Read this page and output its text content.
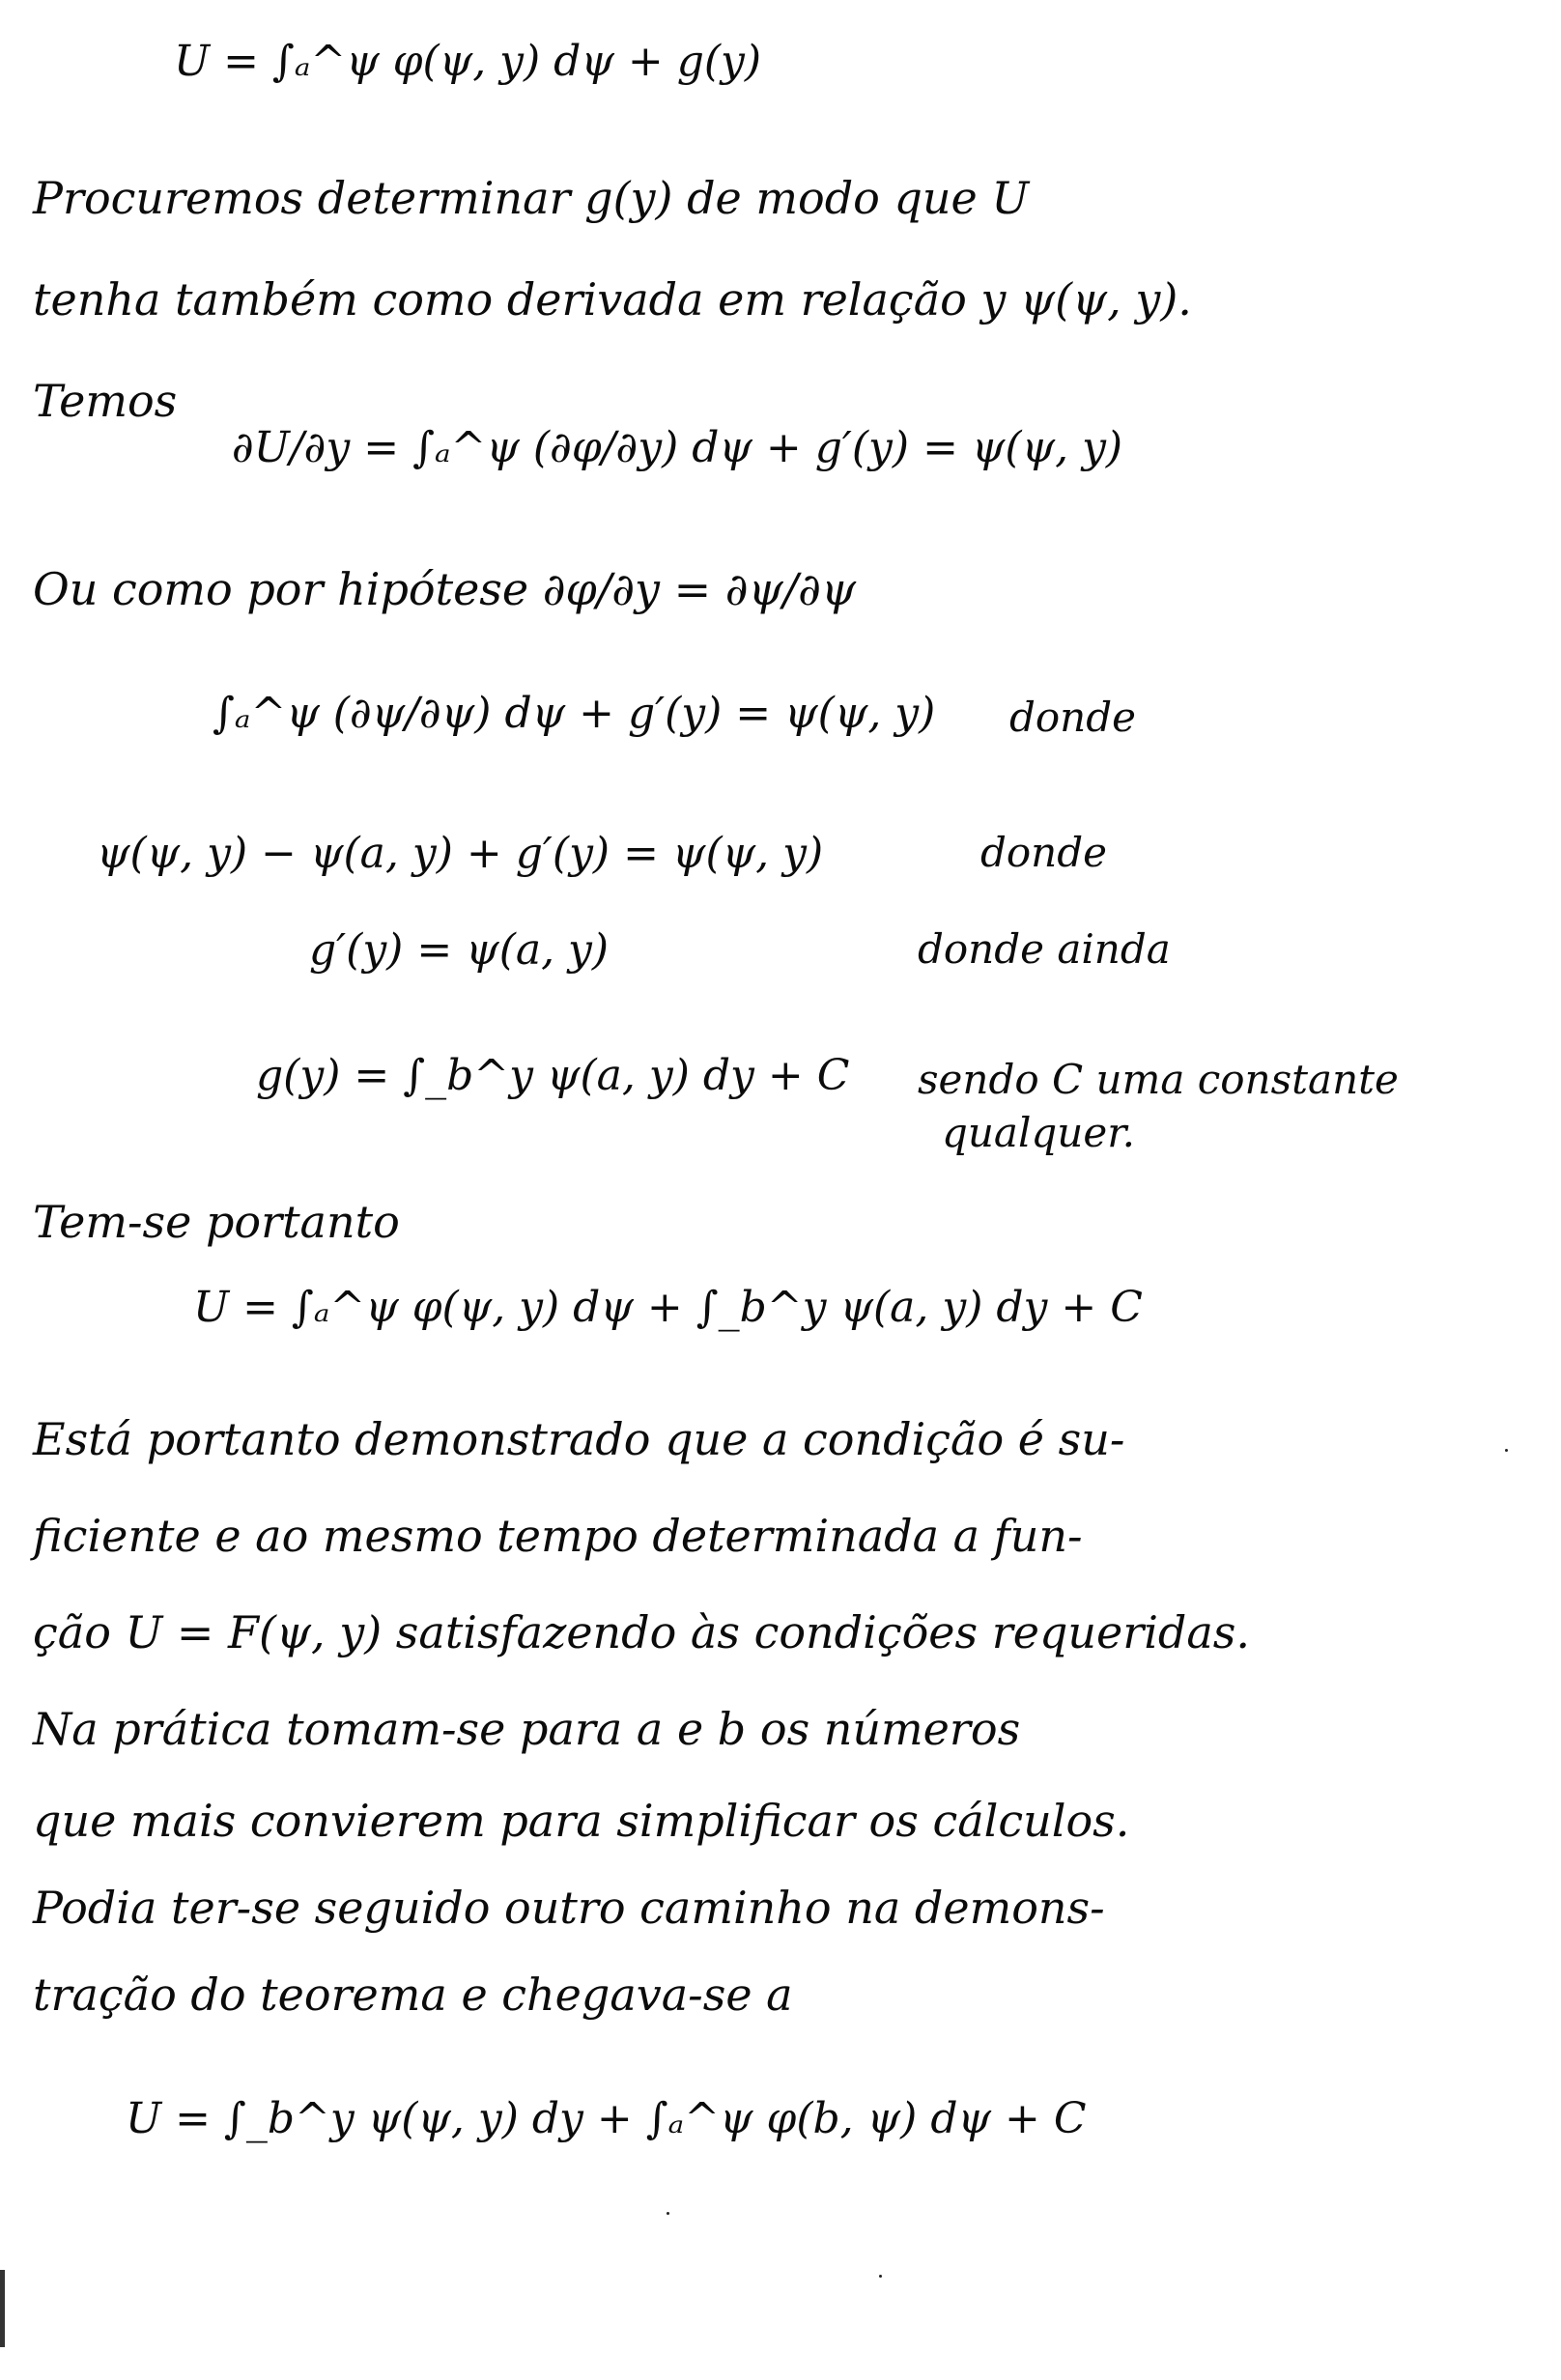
U = ∫ₐ^ψ φ(ψ, y) dψ + g(y)
Procuremos determinar g(y) de modo que U
tenha também como derivada em relação y ψ(ψ, y).
Temos
∂U/∂y = ∫ₐ^ψ (∂φ/∂y) dψ + g′(y) = ψ(ψ, y)
Ou como por hipótese ∂φ/∂y = ∂ψ/∂ψ
∫ₐ^ψ (∂ψ/∂ψ) dψ + g′(y) = ψ(ψ, y) donde
ψ(ψ, y) − ψ(a, y) + g′(y) = ψ(ψ, y)	donde
g′(y) = ψ(a, y)	donde ainda
g(y) = ∫_b^y ψ(a, y) dy + C sendo C uma constante
qualquer.
Tem-se portanto
U = ∫ₐ^ψ φ(ψ, y) dψ + ∫_b^y ψ(a, y) dy + C
Está portanto demonstrado que a condição é su-
ficiente e ao mesmo tempo determinada a fun-
ção U = F(ψ, y) satisfazendo às condições requeridas.
Na prática tomam-se para a e b os números
que mais convierem para simplificar os cálculos.
Podia ter-se seguido outro caminho na demons-
tração do teorema e chegava-se a
U = ∫_b^y ψ(ψ, y) dy + ∫ₐ^ψ φ(b, ψ) dψ + C
